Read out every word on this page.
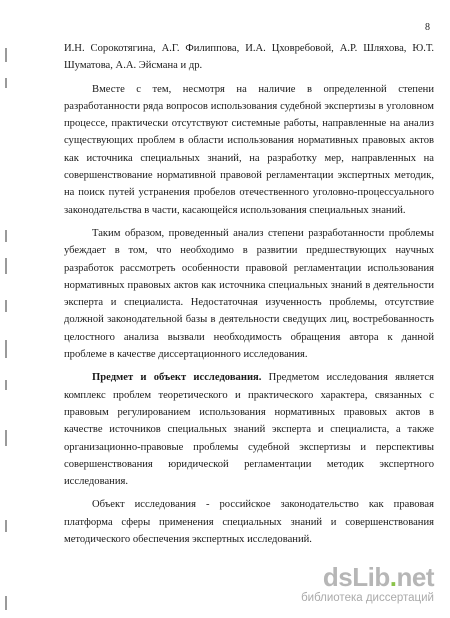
8

И.Н. Сорокотягина, А.Г. Филиппова, И.А. Цховребовой, А.Р. Шляхова, Ю.Т. Шуматова, А.А. Эйсмана и др.

Вместе с тем, несмотря на наличие в определенной степени разработанности ряда вопросов использования судебной экспертизы в уголовном процессе, практически отсутствуют системные работы, направленные на анализ существующих проблем в области использования нормативных правовых актов как источника специальных знаний, на разработку мер, направленных на совершенствование нормативной правовой регламентации экспертных методик, на поиск путей устранения пробелов отечественного уголовно-процессуального законодательства в части, касающейся использования специальных знаний.

Таким образом, проведенный анализ степени разработанности проблемы убеждает в том, что необходимо в развитии предшествующих научных разработок рассмотреть особенности правовой регламентации использования нормативных правовых актов как источника специальных знаний в деятельности эксперта и специалиста. Недостаточная изученность проблемы, отсутствие должной законодательной базы в деятельности сведущих лиц, востребованность целостного анализа вызвали необходимость обращения автора к данной проблеме в качестве диссертационного исследования.

Предмет и объект исследования. Предметом исследования является комплекс проблем теоретического и практического характера, связанных с правовым регулированием использования нормативных правовых актов в качестве источников специальных знаний эксперта и специалиста, а также организационно-правовые проблемы судебной экспертизы и перспективы совершенствования юридической регламентации методик экспертного исследования.

Объект исследования - российское законодательство как правовая платформа сферы применения специальных знаний и совершенствования методического обеспечения экспертных исследований.

dsLib.net
библиотека диссертаций
